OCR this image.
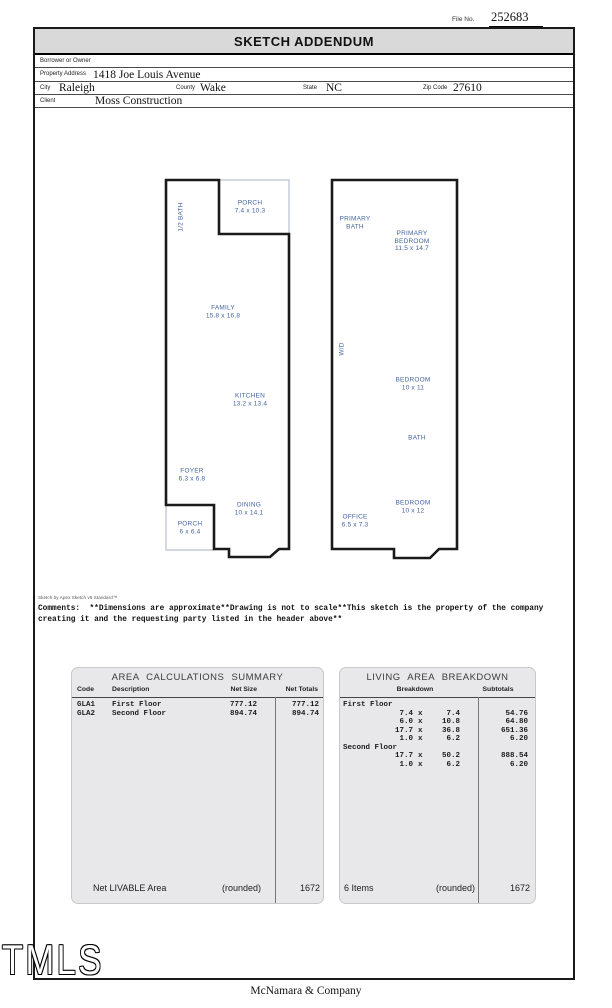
File No. 252683
SKETCH ADDENDUM
Borrower or Owner
Property Address 1418 Joe Louis Avenue
City Raleigh	County Wake	State NC	Zip Code 27610
Client	Moss Construction
1/2 BATH	PORCH
7.4 x 10.3
FAMILY
15.8 x 16.8
KITCHEN
13.2 x 13.4
FOYER
6.3 x 6.8
DINING
10 x 14.1
PORCH
6 x 6.4
PRIMARY BATH
PRIMARY BEDROOM
11.5 x 14.7
W/D
BEDROOM
10 x 11
BATH
BEDROOM
10 x 12
OFFICE
6.5 x 7.3
Sketch by Apex Sketch v5 Standard™
Comments: **Dimensions are approximate**Drawing is not to scale**This sketch is the property of the company creating it and the requesting party listed in the header above**
AREA CALCULATIONS SUMMARY
Code	Description	Net Size	Net Totals
GLA1 First Floor	777.12	777.12
GLA2 Second Floor	894.74	894.74
Net LIVABLE Area	(rounded)	1672
LIVING AREA BREAKDOWN
Breakdown	Subtotals
First Floor
7.4 x	7.4	54.76
6.0 x	10.8	64.80
17.7 x	36.8	651.36
1.0 x	6.2	6.20
Second Floor
17.7 x	50.2	888.54
1.0 x	6.2	6.20
6 Items	(rounded)	1672
TMLS
McNamara & Company
